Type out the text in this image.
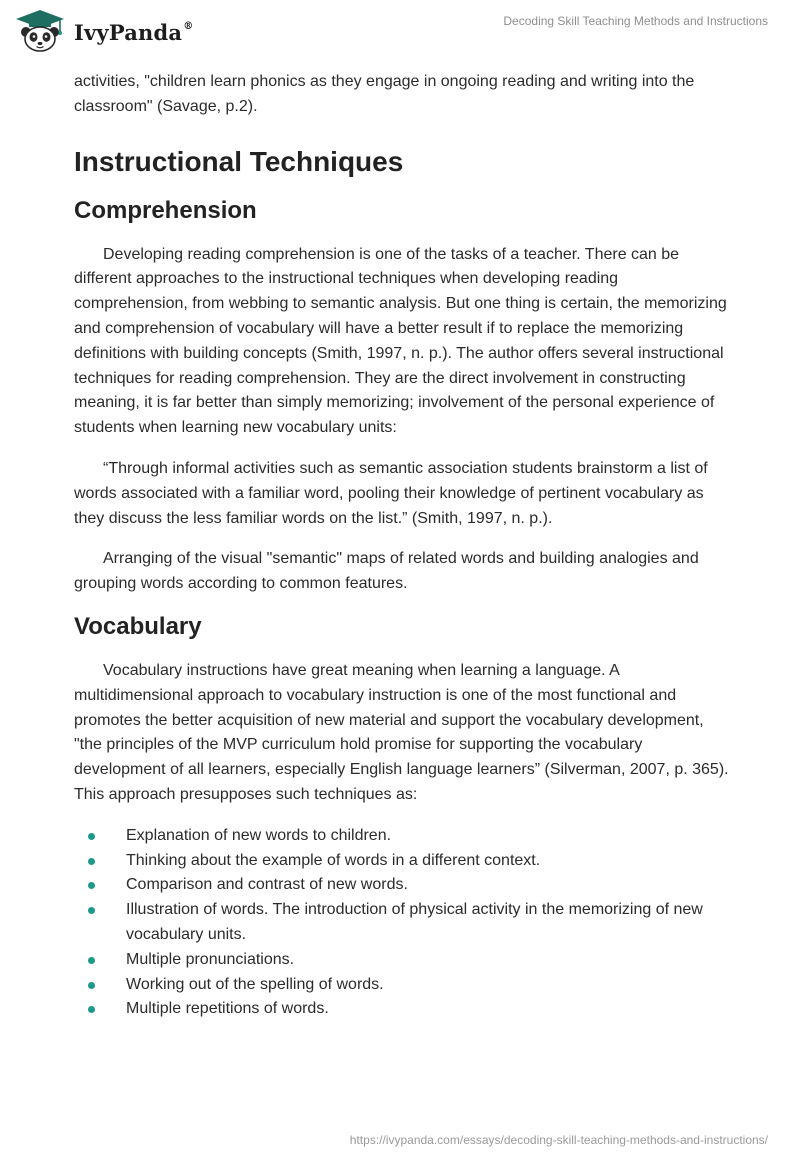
IvyPanda®	Decoding Skill Teaching Methods and Instructions

activities, "children learn phonics as they engage in ongoing reading and writing into the classroom" (Savage, p.2).

Instructional Techniques
Comprehension

Developing reading comprehension is one of the tasks of a teacher. There can be different approaches to the instructional techniques when developing reading comprehension, from webbing to semantic analysis. But one thing is certain, the memorizing and comprehension of vocabulary will have a better result if to replace the memorizing definitions with building concepts (Smith, 1997, n. p.). The author offers several instructional techniques for reading comprehension. They are the direct involvement in constructing meaning, it is far better than simply memorizing; involvement of the personal experience of students when learning new vocabulary units:

“Through informal activities such as semantic association students brainstorm a list of words associated with a familiar word, pooling their knowledge of pertinent vocabulary as they discuss the less familiar words on the list.” (Smith, 1997, n. p.).

Arranging of the visual "semantic" maps of related words and building analogies and grouping words according to common features.

Vocabulary

Vocabulary instructions have great meaning when learning a language. A multidimensional approach to vocabulary instruction is one of the most functional and promotes the better acquisition of new material and support the vocabulary development, "the principles of the MVP curriculum hold promise for supporting the vocabulary development of all learners, especially English language learners” (Silverman, 2007, p. 365). This approach presupposes such techniques as:

Explanation of new words to children.
Thinking about the example of words in a different context.
Comparison and contrast of new words.
Illustration of words. The introduction of physical activity in the memorizing of new vocabulary units.
Multiple pronunciations.
Working out of the spelling of words.
Multiple repetitions of words.
https://ivypanda.com/essays/decoding-skill-teaching-methods-and-instructions/
